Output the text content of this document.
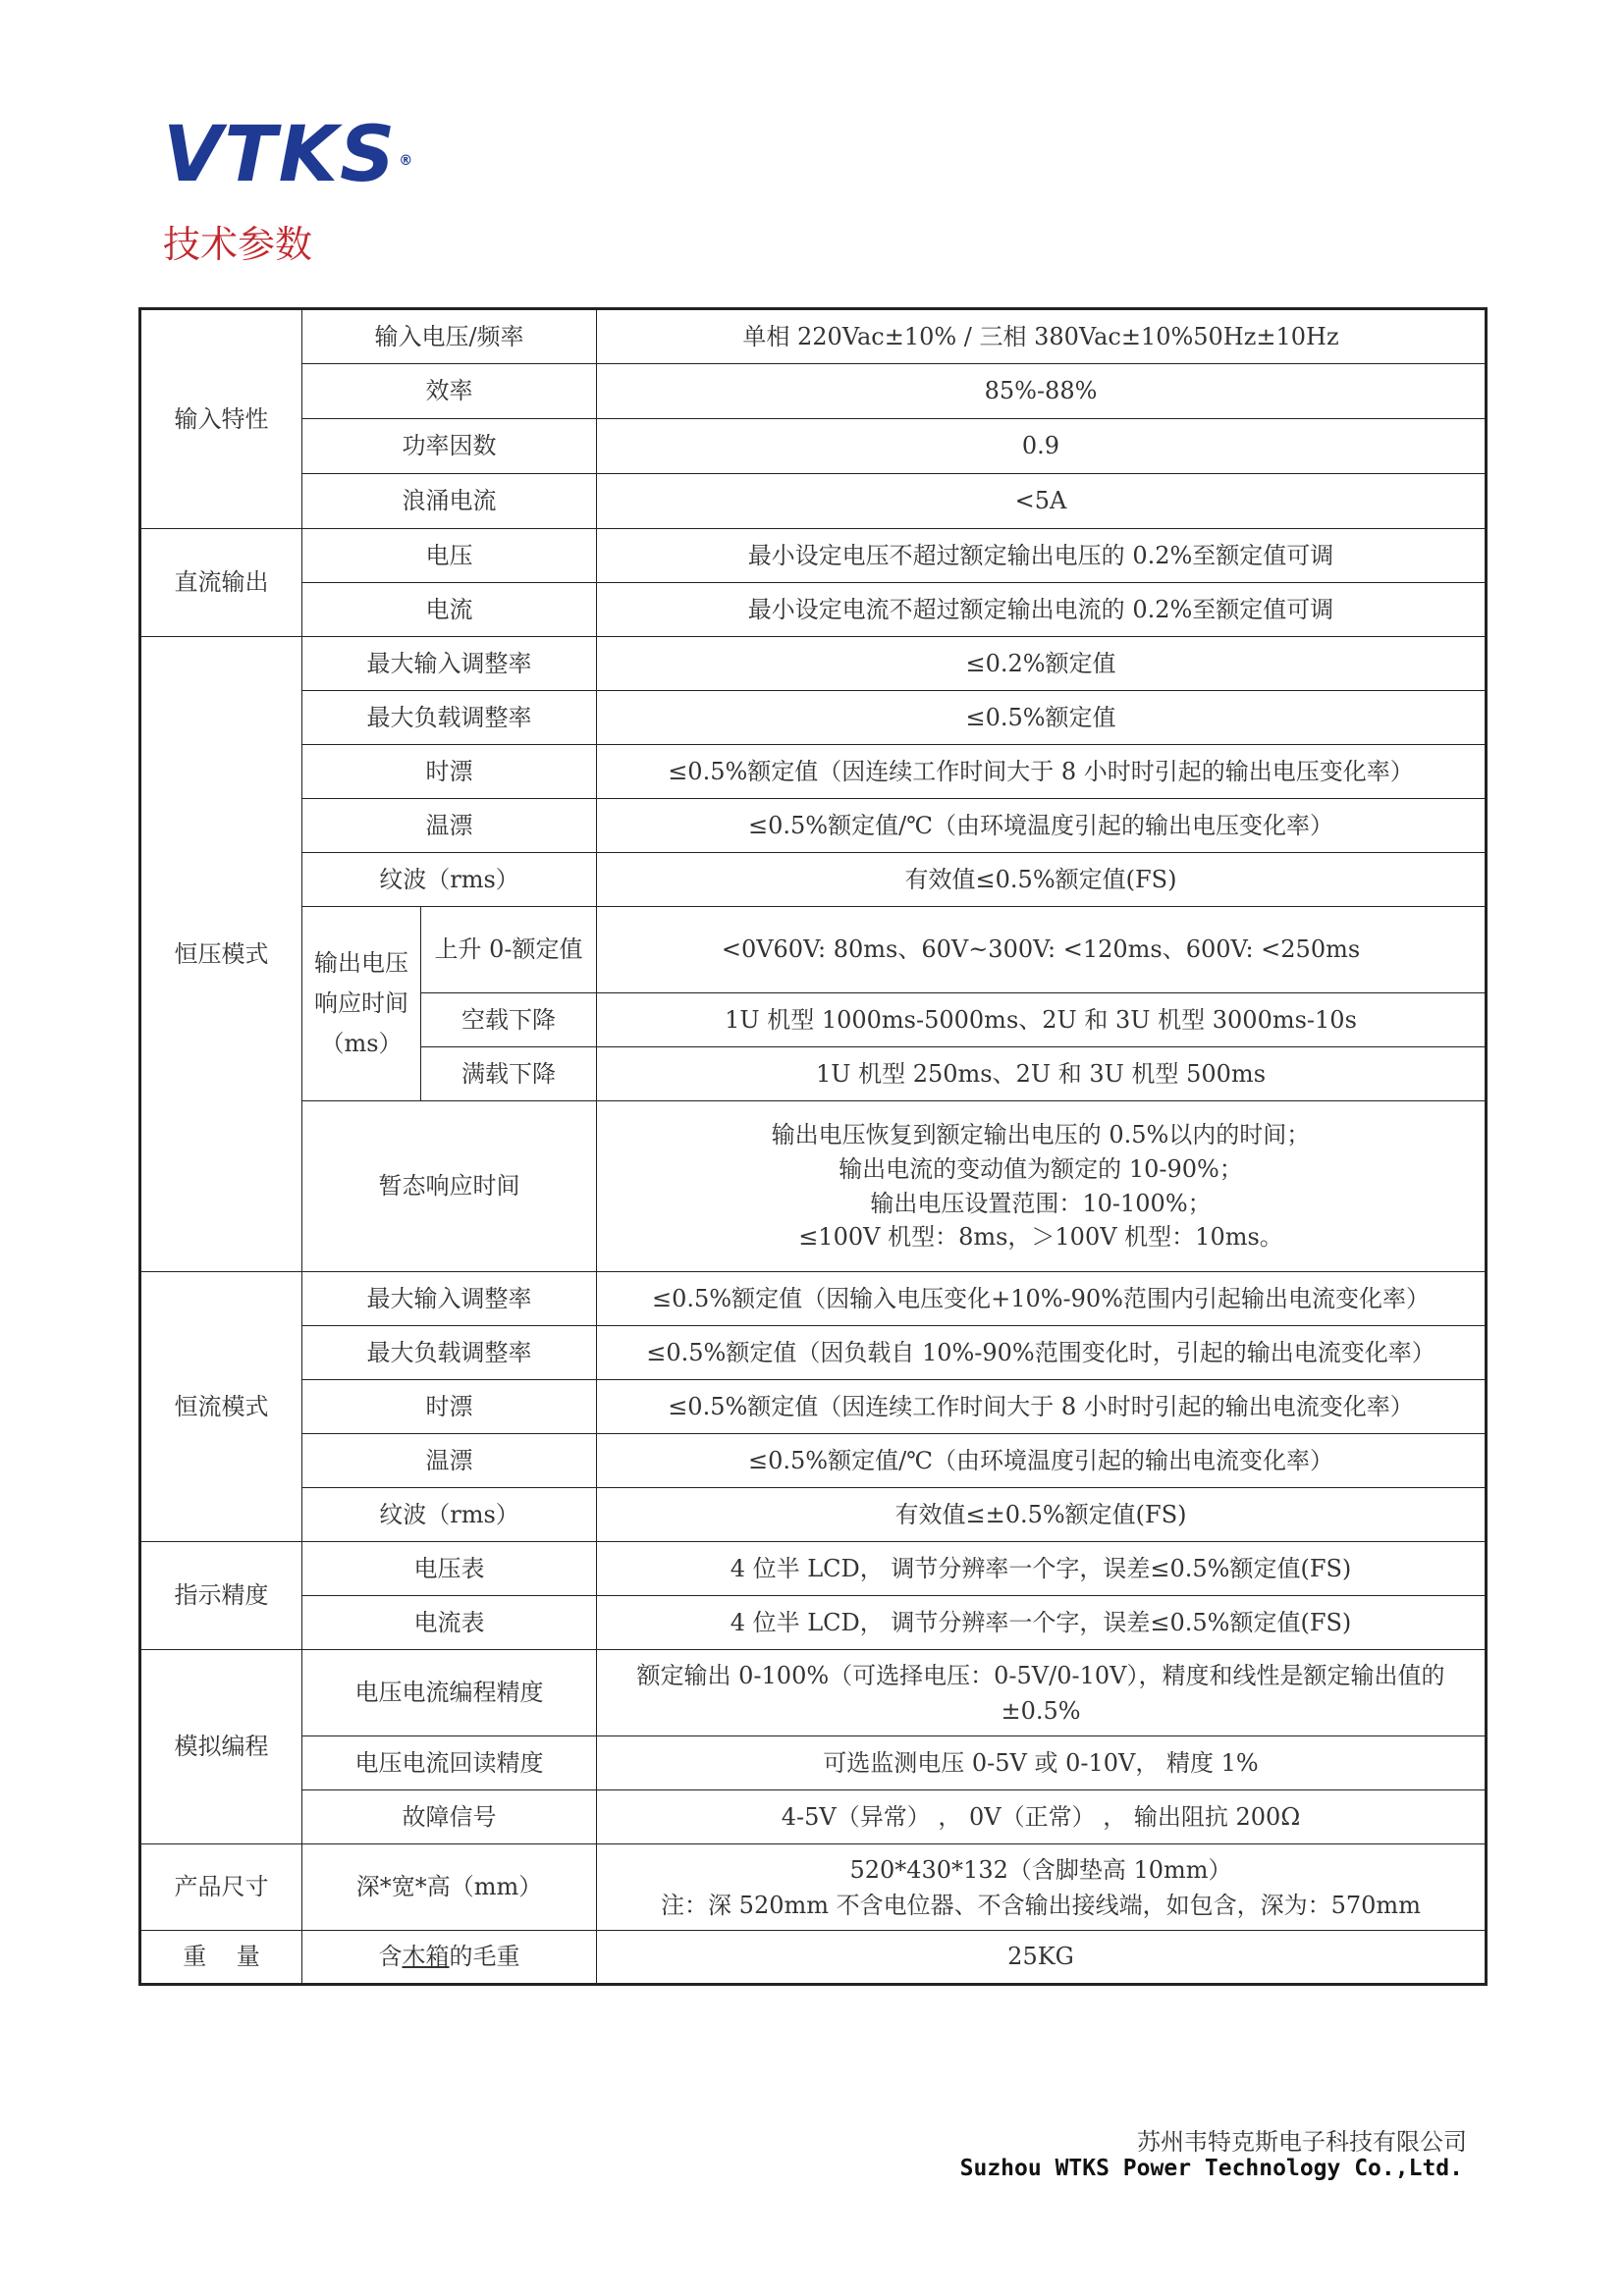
VTKS ®
技术参数
输入特性	输入电压/频率		单相 220Vac±10% / 三相 380Vac±10%50Hz±10Hz
	效率		85%-88%
	功率因数		0.9
	浪涌电流		<5A
直流输出	电压		最小设定电压不超过额定输出电压的 0.2%至额定值可调
	电流		最小设定电流不超过额定输出电流的 0.2%至额定值可调
恒压模式	最大输入调整率		≤0.2%额定值
	最大负载调整率		≤0.5%额定值
	时漂		≤0.5%额定值（因连续工作时间大于 8 小时时引起的输出电压变化率）
	温漂		≤0.5%额定值/℃（由环境温度引起的输出电压变化率）
	纹波（rms）		有效值≤0.5%额定值(FS)
	输出电压响应时间（ms）	上升 0-额定值	<0V60V: 80ms、60V~300V: <120ms、600V: <250ms
		空载下降	1U 机型 1000ms-5000ms、2U 和 3U 机型 3000ms-10s
		满载下降	1U 机型 250ms、2U 和 3U 机型 500ms
	暂态响应时间		输出电压恢复到额定输出电压的 0.5%以内的时间；
输出电流的变动值为额定的 10-90%；
输出电压设置范围：10-100%；
≤100V 机型：8ms，＞100V 机型：10ms。

恒流模式	最大输入调整率		≤0.5%额定值（因输入电压变化+10%-90%范围内引起输出电流变化率）
	最大负载调整率		≤0.5%额定值（因负载自 10%-90%范围变化时，引起的输出电流变化率）
	时漂		≤0.5%额定值（因连续工作时间大于 8 小时时引起的输出电流变化率）
	温漂		≤0.5%额定值/℃（由环境温度引起的输出电流变化率）
	纹波（rms）		有效值≤±0.5%额定值(FS)
指示精度	电压表		4 位半 LCD， 调节分辨率一个字，误差≤0.5%额定值(FS)
	电流表		4 位半 LCD， 调节分辨率一个字，误差≤0.5%额定值(FS)
模拟编程	电压电流编程精度		额定输出 0-100%（可选择电压：0-5V/0-10V），精度和线性是额定输出值的±0.5%
	电压电流回读精度		可选监测电压 0-5V 或 0-10V， 精度 1%
	故障信号		4-5V（异常） ， 0V（正常） ， 输出阻抗 200Ω
产品尺寸	深*宽*高（mm）		520*430*132（含脚垫高 10mm）
注：深 520mm 不含电位器、不含输出接线端，如包含，深为：570mm

重    量	含木箱的毛重		25KG
苏州韦特克斯电子科技有限公司
Suzhou WTKS Power Technology Co.,Ltd.
